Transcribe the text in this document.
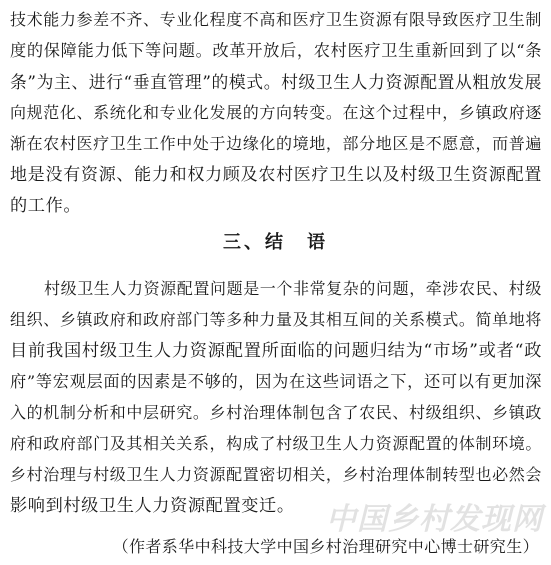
技术能力参差不齐、专业化程度不高和医疗卫生资源有限导致医疗卫生制
度的保障能力低下等问题。改革开放后，农村医疗卫生重新回到了以“条
条”为主、进行“垂直管理”的模式。村级卫生人力资源配置从粗放发展
向规范化、系统化和专业化发展的方向转变。在这个过程中，乡镇政府逐
渐在农村医疗卫生工作中处于边缘化的境地，部分地区是不愿意，而普遍
地是没有资源、能力和权力顾及农村医疗卫生以及村级卫生资源配置
的工作。
三、结　语
村级卫生人力资源配置问题是一个非常复杂的问题，牵涉农民、村级
组织、乡镇政府和政府部门等多种力量及其相互间的关系模式。简单地将
目前我国村级卫生人力资源配置所面临的问题归结为“市场”或者“政
府”等宏观层面的因素是不够的，因为在这些词语之下，还可以有更加深
入的机制分析和中层研究。乡村治理体制包含了农民、村级组织、乡镇政
府和政府部门及其相关关系，构成了村级卫生人力资源配置的体制环境。
乡村治理与村级卫生人力资源配置密切相关，乡村治理体制转型也必然会
影响到村级卫生人力资源配置变迁。 中国乡村发现网
（作者系华中科技大学中国乡村治理研究中心博士研究生）
